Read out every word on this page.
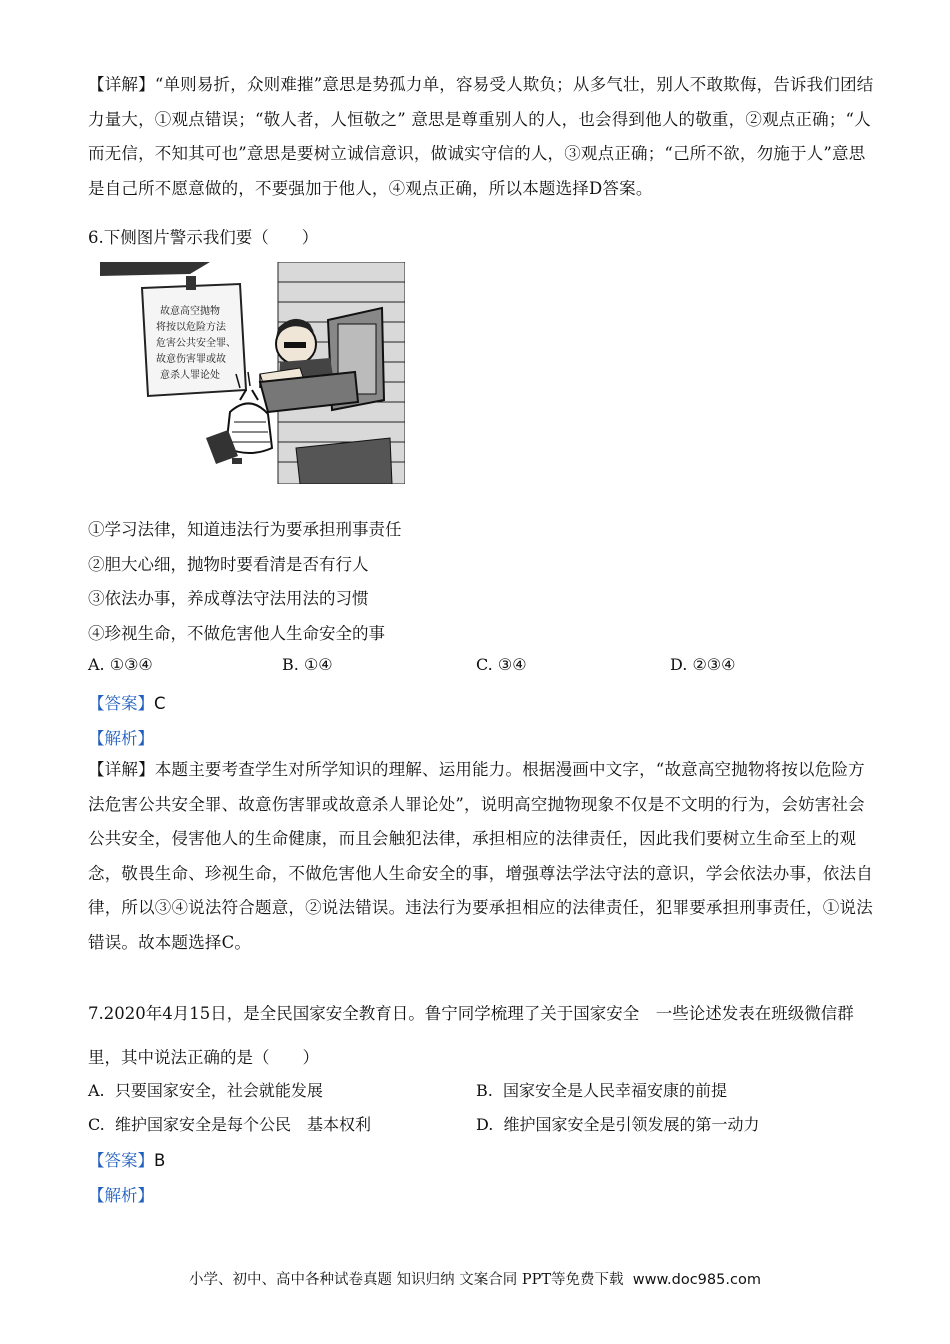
【详解】“单则易折，众则难摧”意思是势孤力单，容易受人欺负；从多气壮，别人不敢欺侮，告诉我们团结力量大，①观点错误；“敬人者，人恒敬之” 意思是尊重别人的人，也会得到他人的敬重，②观点正确；“人而无信，不知其可也”意思是要树立诚信意识，做诚实守信的人，③观点正确；“己所不欲，勿施于人”意思是自己所不愿意做的，不要强加于他人，④观点正确，所以本题选择D答案。
6.下侧图片警示我们要（　　）
故意高空抛物
将按以危险方法
危害公共安全罪、
故意伤害罪或故
意杀人罪论处
①学习法律，知道违法行为要承担刑事责任
②胆大心细，抛物时要看清是否有行人
③依法办事，养成尊法守法用法的习惯
④珍视生命，不做危害他人生命安全的事
A. ①③④	B. ①④	C. ③④	D. ②③④
【答案】C
【解析】
【详解】本题主要考查学生对所学知识的理解、运用能力。根据漫画中文字，“故意高空抛物将按以危险方法危害公共安全罪、故意伤害罪或故意杀人罪论处”，说明高空抛物现象不仅是不文明的行为，会妨害社会公共安全，侵害他人的生命健康，而且会触犯法律，承担相应的法律责任，因此我们要树立生命至上的观念，敬畏生命、珍视生命，不做危害他人生命安全的事，增强尊法学法守法的意识，学会依法办事，依法自律，所以③④说法符合题意，②说法错误。违法行为要承担相应的法律责任，犯罪要承担刑事责任，①说法错误。故本题选择C。
7.2020年4月15日，是全民国家安全教育日。鲁宁同学梳理了关于国家安全　一些论述发表在班级微信群
里，其中说法正确的是（　　）
A. 只要国家安全，社会就能发展	B. 国家安全是人民幸福安康的前提
C. 维护国家安全是每个公民　基本权利	D. 维护国家安全是引领发展的第一动力
【答案】B
【解析】
小学、初中、高中各种试卷真题 知识归纳 文案合同 PPT等免费下载 www.doc985.com
